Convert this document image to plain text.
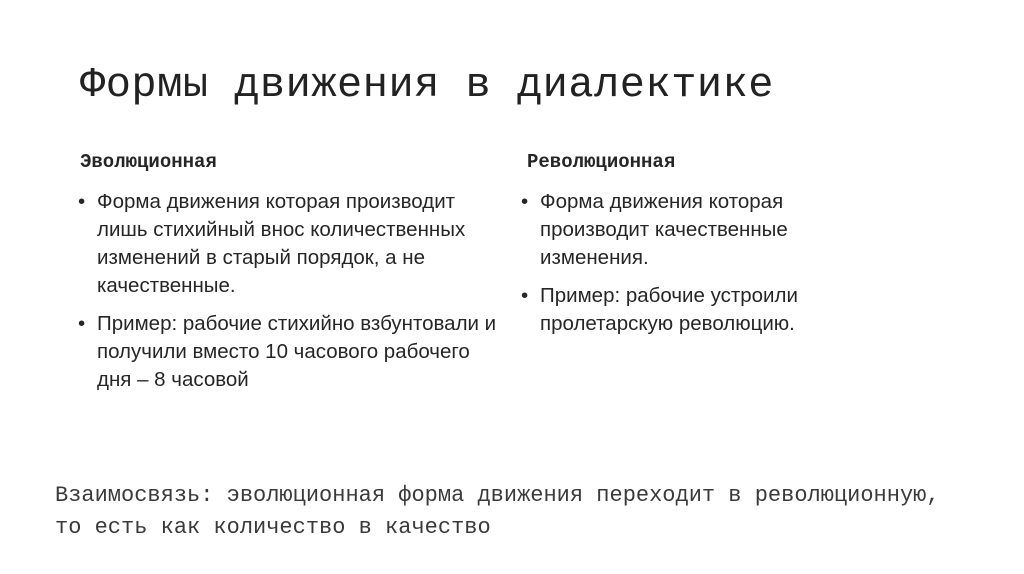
Формы движения в диалектике
Эволюционная
• Форма движения которая производит лишь стихийный внос количественных изменений в старый порядок, а не качественные.
• Пример: рабочие стихийно взбунтовали и получили вместо 10 часового рабочего дня – 8 часовой
Революционная
• Форма движения которая производит качественные изменения.
• Пример: рабочие устроили пролетарскую революцию.
Взаимосвязь: эволюционная форма движения переходит в революционную, то есть как количество в качество
